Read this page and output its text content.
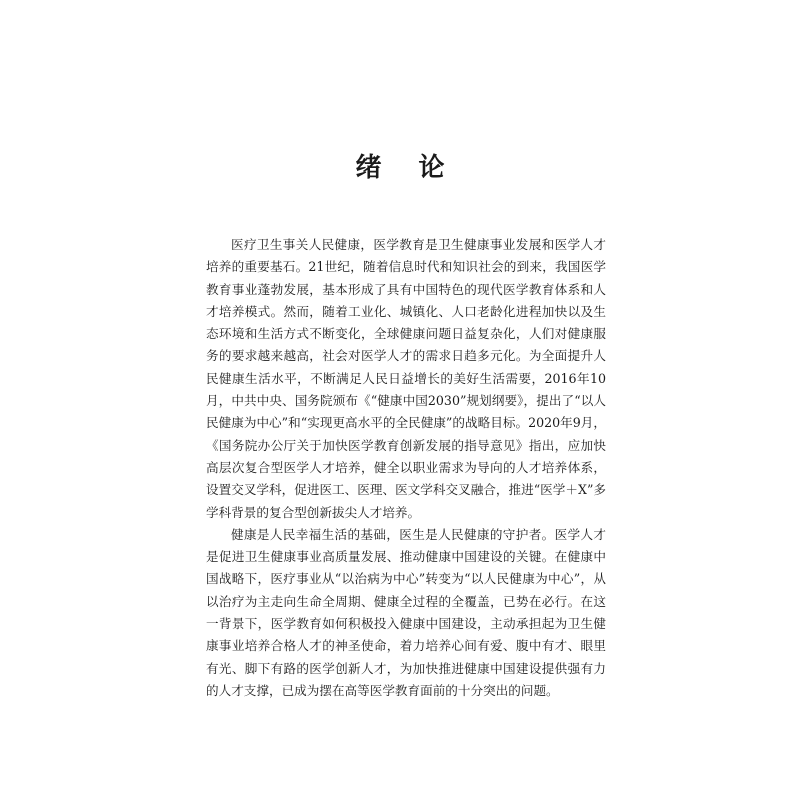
绪 论

医疗卫生事关人民健康，医学教育是卫生健康事业发展和医学人才培养的重要基石。21世纪，随着信息时代和知识社会的到来，我国医学教育事业蓬勃发展，基本形成了具有中国特色的现代医学教育体系和人才培养模式。然而，随着工业化、城镇化、人口老龄化进程加快以及生态环境和生活方式不断变化，全球健康问题日益复杂化，人们对健康服务的要求越来越高，社会对医学人才的需求日趋多元化。为全面提升人民健康生活水平，不断满足人民日益增长的美好生活需要，2016年10月，中共中央、国务院颁布《“健康中国2030”规划纲要》，提出了“以人民健康为中心”和“实现更高水平的全民健康”的战略目标。2020年9月，《国务院办公厅关于加快医学教育创新发展的指导意见》指出，应加快高层次复合型医学人才培养，健全以职业需求为导向的人才培养体系，设置交叉学科，促进医工、医理、医文学科交叉融合，推进“医学＋X”多学科背景的复合型创新拔尖人才培养。

健康是人民幸福生活的基础，医生是人民健康的守护者。医学人才是促进卫生健康事业高质量发展、推动健康中国建设的关键。在健康中国战略下，医疗事业从“以治病为中心”转变为“以人民健康为中心”，从以治疗为主走向生命全周期、健康全过程的全覆盖，已势在必行。在这一背景下，医学教育如何积极投入健康中国建设，主动承担起为卫生健康事业培养合格人才的神圣使命，着力培养心间有爱、腹中有才、眼里有光、脚下有路的医学创新人才，为加快推进健康中国建设提供强有力的人才支撑，已成为摆在高等医学教育面前的十分突出的问题。
